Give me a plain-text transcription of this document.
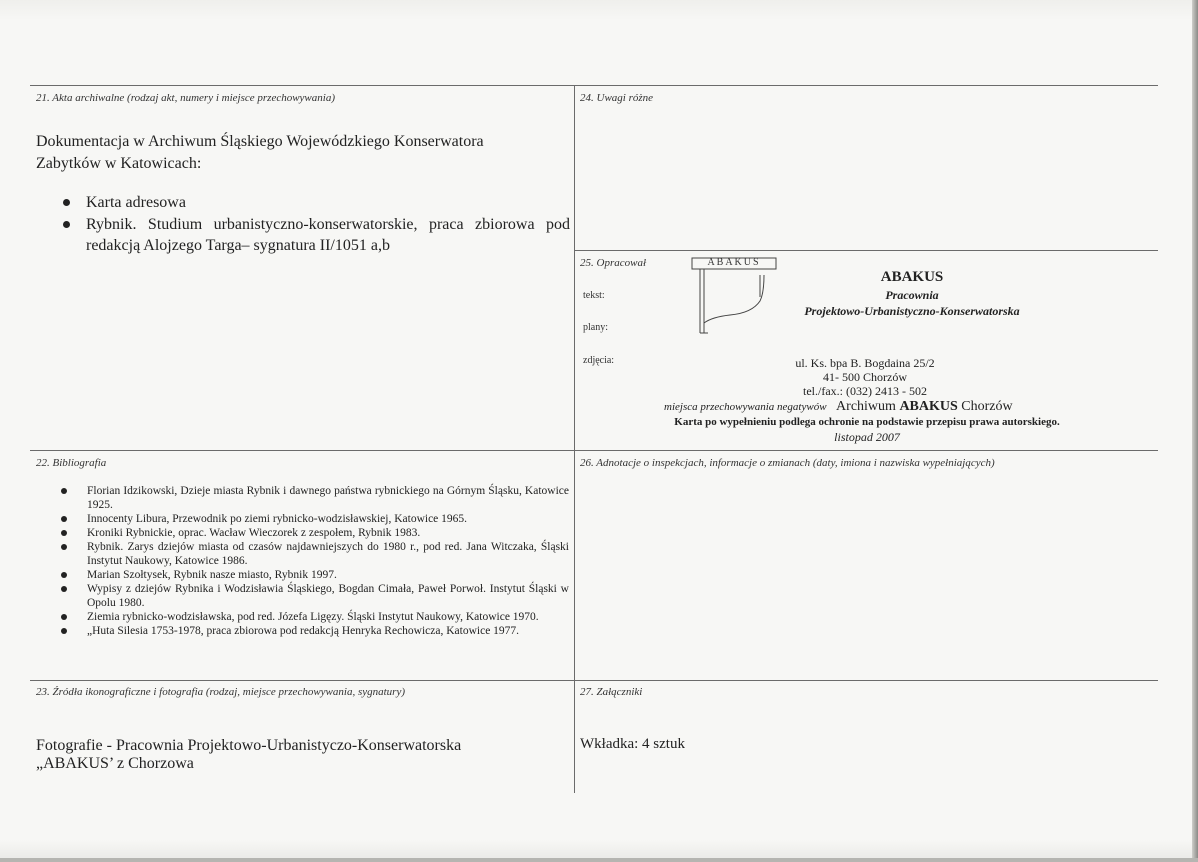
21. Akta archiwalne (rodzaj akt, numery i miejsce przechowywania)
Dokumentacja w Archiwum Śląskiego Wojewódzkiego Konserwatora
Zabytków w Katowicach:
Karta adresowa
Rybnik. Studium urbanistyczno-konserwatorskie, praca zbiorowa pod redakcją Alojzego Targa– sygnatura II/1051 a,b
24. Uwagi różne
25. Opracował
tekst:
plany:
zdjęcia:
ABAKUS
ABAKUS
Pracownia
Projektowo-Urbanistyczno-Konserwatorska
ul. Ks. bpa B. Bogdaina 25/2
41- 500 Chorzów
tel./fax.: (032) 2413 - 502
miejsca przechowywania negatywów Archiwum ABAKUS Chorzów
Karta po wypełnieniu podlega ochronie na podstawie przepisu prawa autorskiego.
listopad 2007
22. Bibliografia
Florian Idzikowski, Dzieje miasta Rybnik i dawnego państwa rybnickiego na Górnym Śląsku, Katowice 1925.
Innocenty Libura, Przewodnik po ziemi rybnicko-wodzisławskiej, Katowice 1965.
Kroniki Rybnickie, oprac. Wacław Wieczorek z zespołem, Rybnik 1983.
Rybnik. Zarys dziejów miasta od czasów najdawniejszych do 1980 r., pod red. Jana Witczaka, Śląski Instytut Naukowy, Katowice 1986.
Marian Szołtysek, Rybnik nasze miasto, Rybnik 1997.
Wypisy z dziejów Rybnika i Wodzisławia Śląskiego, Bogdan Cimała, Paweł Porwoł. Instytut Śląski w Opolu 1980.
Ziemia rybnicko-wodzisławska, pod red. Józefa Ligęzy. Śląski Instytut Naukowy, Katowice 1970.
„Huta Silesia 1753-1978, praca zbiorowa pod redakcją Henryka Rechowicza, Katowice 1977.
26. Adnotacje o inspekcjach, informacje o zmianach (daty, imiona i nazwiska wypełniających)
23. Źródła ikonograficzne i fotografia (rodzaj, miejsce przechowywania, sygnatury)
Fotografie - Pracownia Projektowo-Urbanistyczo-Konserwatorska
„ABAKUS’ z Chorzowa
27. Załączniki
Wkładka: 4 sztuk
